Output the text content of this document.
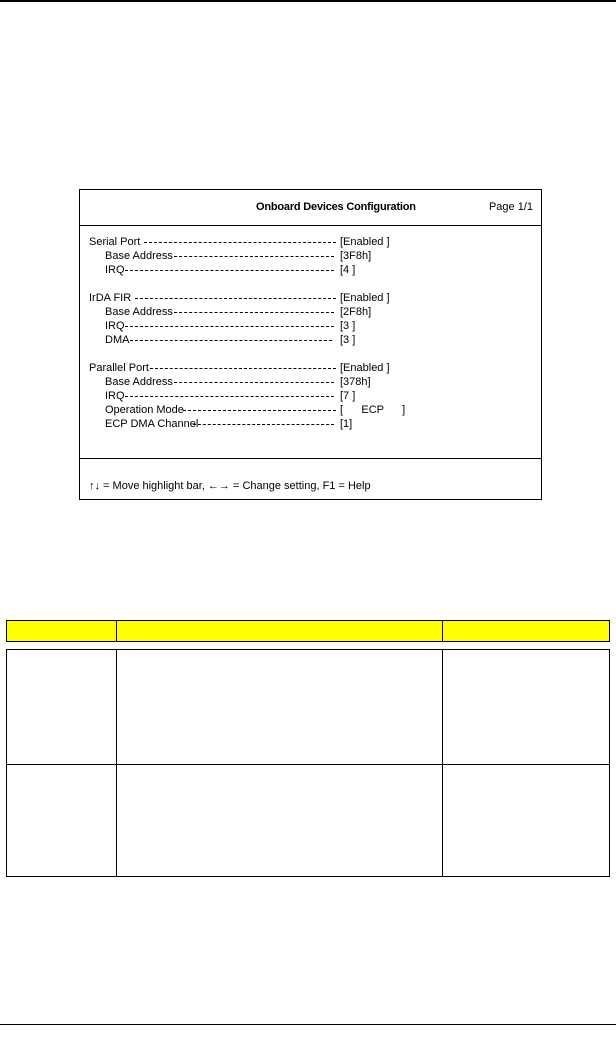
Onboard Devices Configuration	Page 1/1
Serial Port	[Enabled ]
Base Address	[3F8h]
IRQ	[4 ]
IrDA FIR	[Enabled ]
Base Address	[2F8h]
IRQ	[3 ]
DMA	[3 ]
Parallel Port	[Enabled ]
Base Address	[378h]
IRQ	[7 ]
Operation Mode	[      ECP      ]
ECP DMA Channel	[1]
↑↓ = Move highlight bar, ←→ = Change setting, F1 = Help
